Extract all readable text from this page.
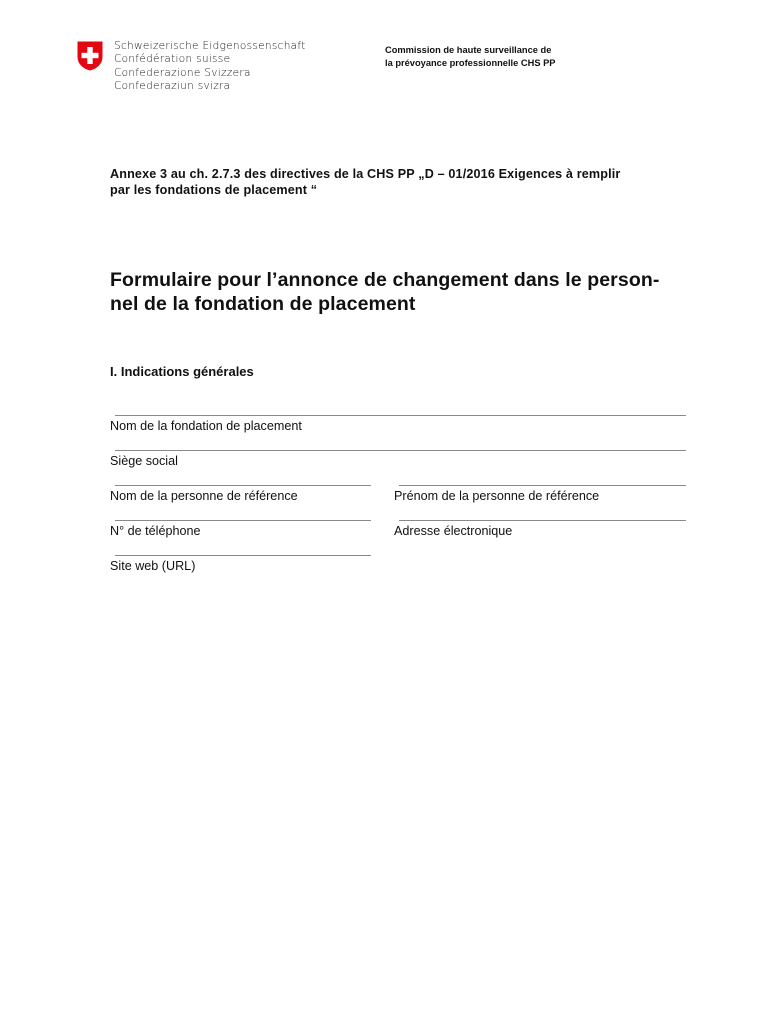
Schweizerische Eidgenossenschaft
Confédération suisse
Confederazione Svizzera
Confederaziun svizra
Commission de haute surveillance de
la prévoyance professionnelle CHS PP
Annexe 3 au ch. 2.7.3 des directives de la CHS PP „D – 01/2016 Exigences à remplir
par les fondations de placement “
Formulaire pour l’annonce de changement dans le person-
nel de la fondation de placement
I. Indications générales
Nom de la fondation de placement
Siège social
Nom de la personne de référence	Prénom de la personne de référence
N° de téléphone	Adresse électronique
Site web (URL)
